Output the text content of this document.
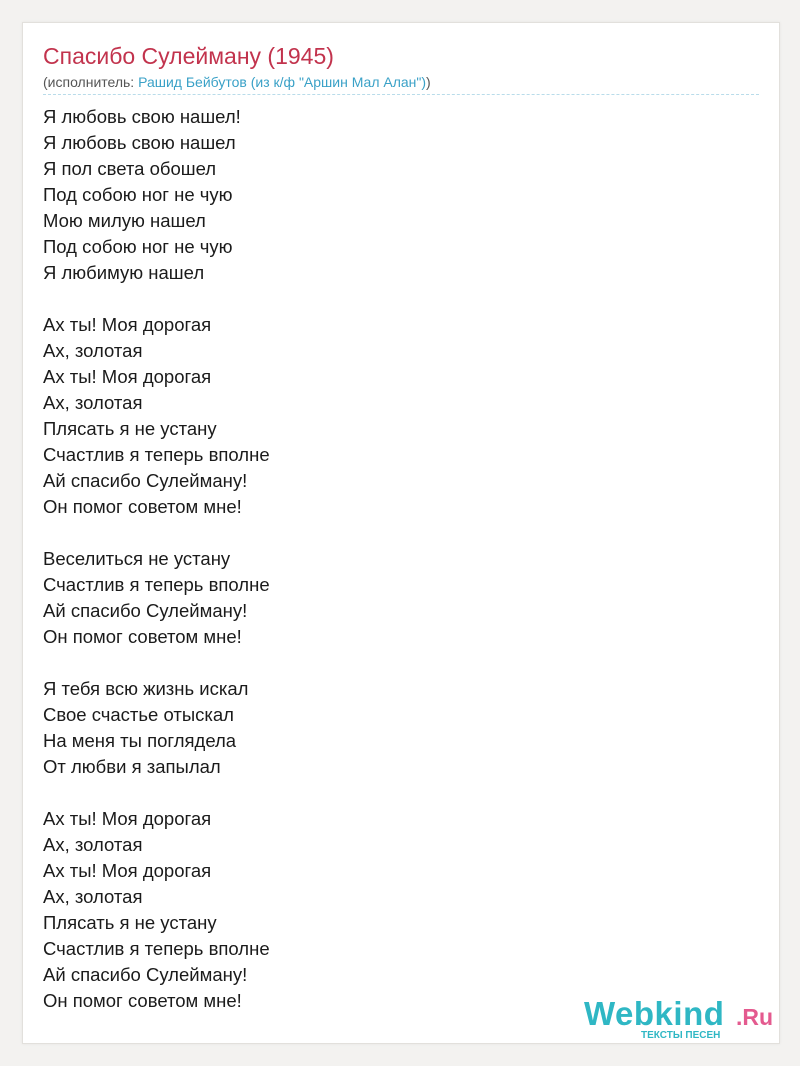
Спасибо Сулейману (1945)
(исполнитель: Рашид Бейбутов (из к/ф "Аршин Мал Алан"))
Я любовь свою нашел!
Я любовь свою нашел
Я пол света обошел
Под собою ног не чую
Мою милую нашел
Под собою ног не чую
Я любимую нашел
Ах ты! Моя дорогая
Ах, золотая
Ах ты! Моя дорогая
Ах, золотая
Плясать я не устану
Счастлив я теперь вполне
Ай спасибо Сулейману!
Он помог советом мне!
Веселиться не устану
Счастлив я теперь вполне
Ай спасибо Сулейману!
Он помог советом мне!
Я тебя всю жизнь искал
Свое счастье отыскал
На меня ты поглядела
От любви я запылал
Ах ты! Моя дорогая
Ах, золотая
Ах ты! Моя дорогая
Ах, золотая
Плясать я не устану
Счастлив я теперь вполне
Ай спасибо Сулейману!
Он помог советом мне!	Webkind .Ru
ТЕКСТЫ ПЕСЕН
